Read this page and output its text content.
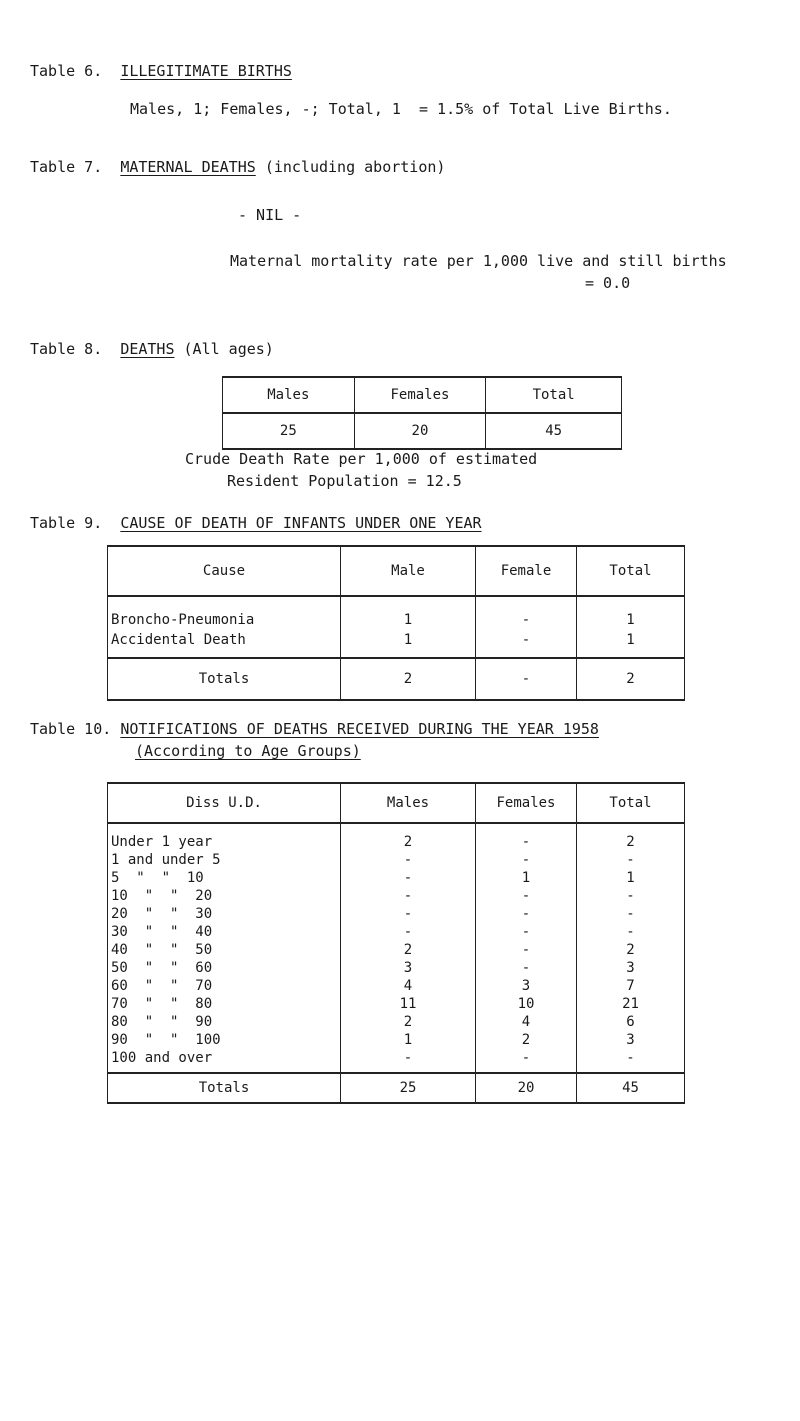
Table 6. ILLEGITIMATE BIRTHS
Males, 1; Females, -; Total, 1  = 1.5% of Total Live Births.
Table 7. MATERNAL DEATHS (including abortion)
- NIL -
Maternal mortality rate per 1,000 live and still births
= 0.0
Table 8. DEATHS (All ages)
Males	Females	Total
25	20	45
Crude Death Rate per 1,000 of estimated
Resident Population = 12.5
Table 9. CAUSE OF DEATH OF INFANTS UNDER ONE YEAR
Cause	Male	Female	Total

Broncho-Pneumonia	1	-	1
Accidental Death	1	-	1

Totals	2	-	2
Table 10. NOTIFICATIONS OF DEATHS RECEIVED DURING THE YEAR 1958
(According to Age Groups)
Diss U.D.	Males	Females	Total

Under 1 year	2	-	2
1 and under 5	-	-	-
5  "  "  10	-	1	1
10  "  "  20	-	-	-
20  "  "  30	-	-	-
30  "  "  40	-	-	-
40  "  "  50	2	-	2
50  "  "  60	3	-	3
60  "  "  70	4	3	7
70  "  "  80	11	10	21
80  "  "  90	2	4	6
90  "  "  100	1	2	3
100 and over	-	-	-

Totals	25	20	45
